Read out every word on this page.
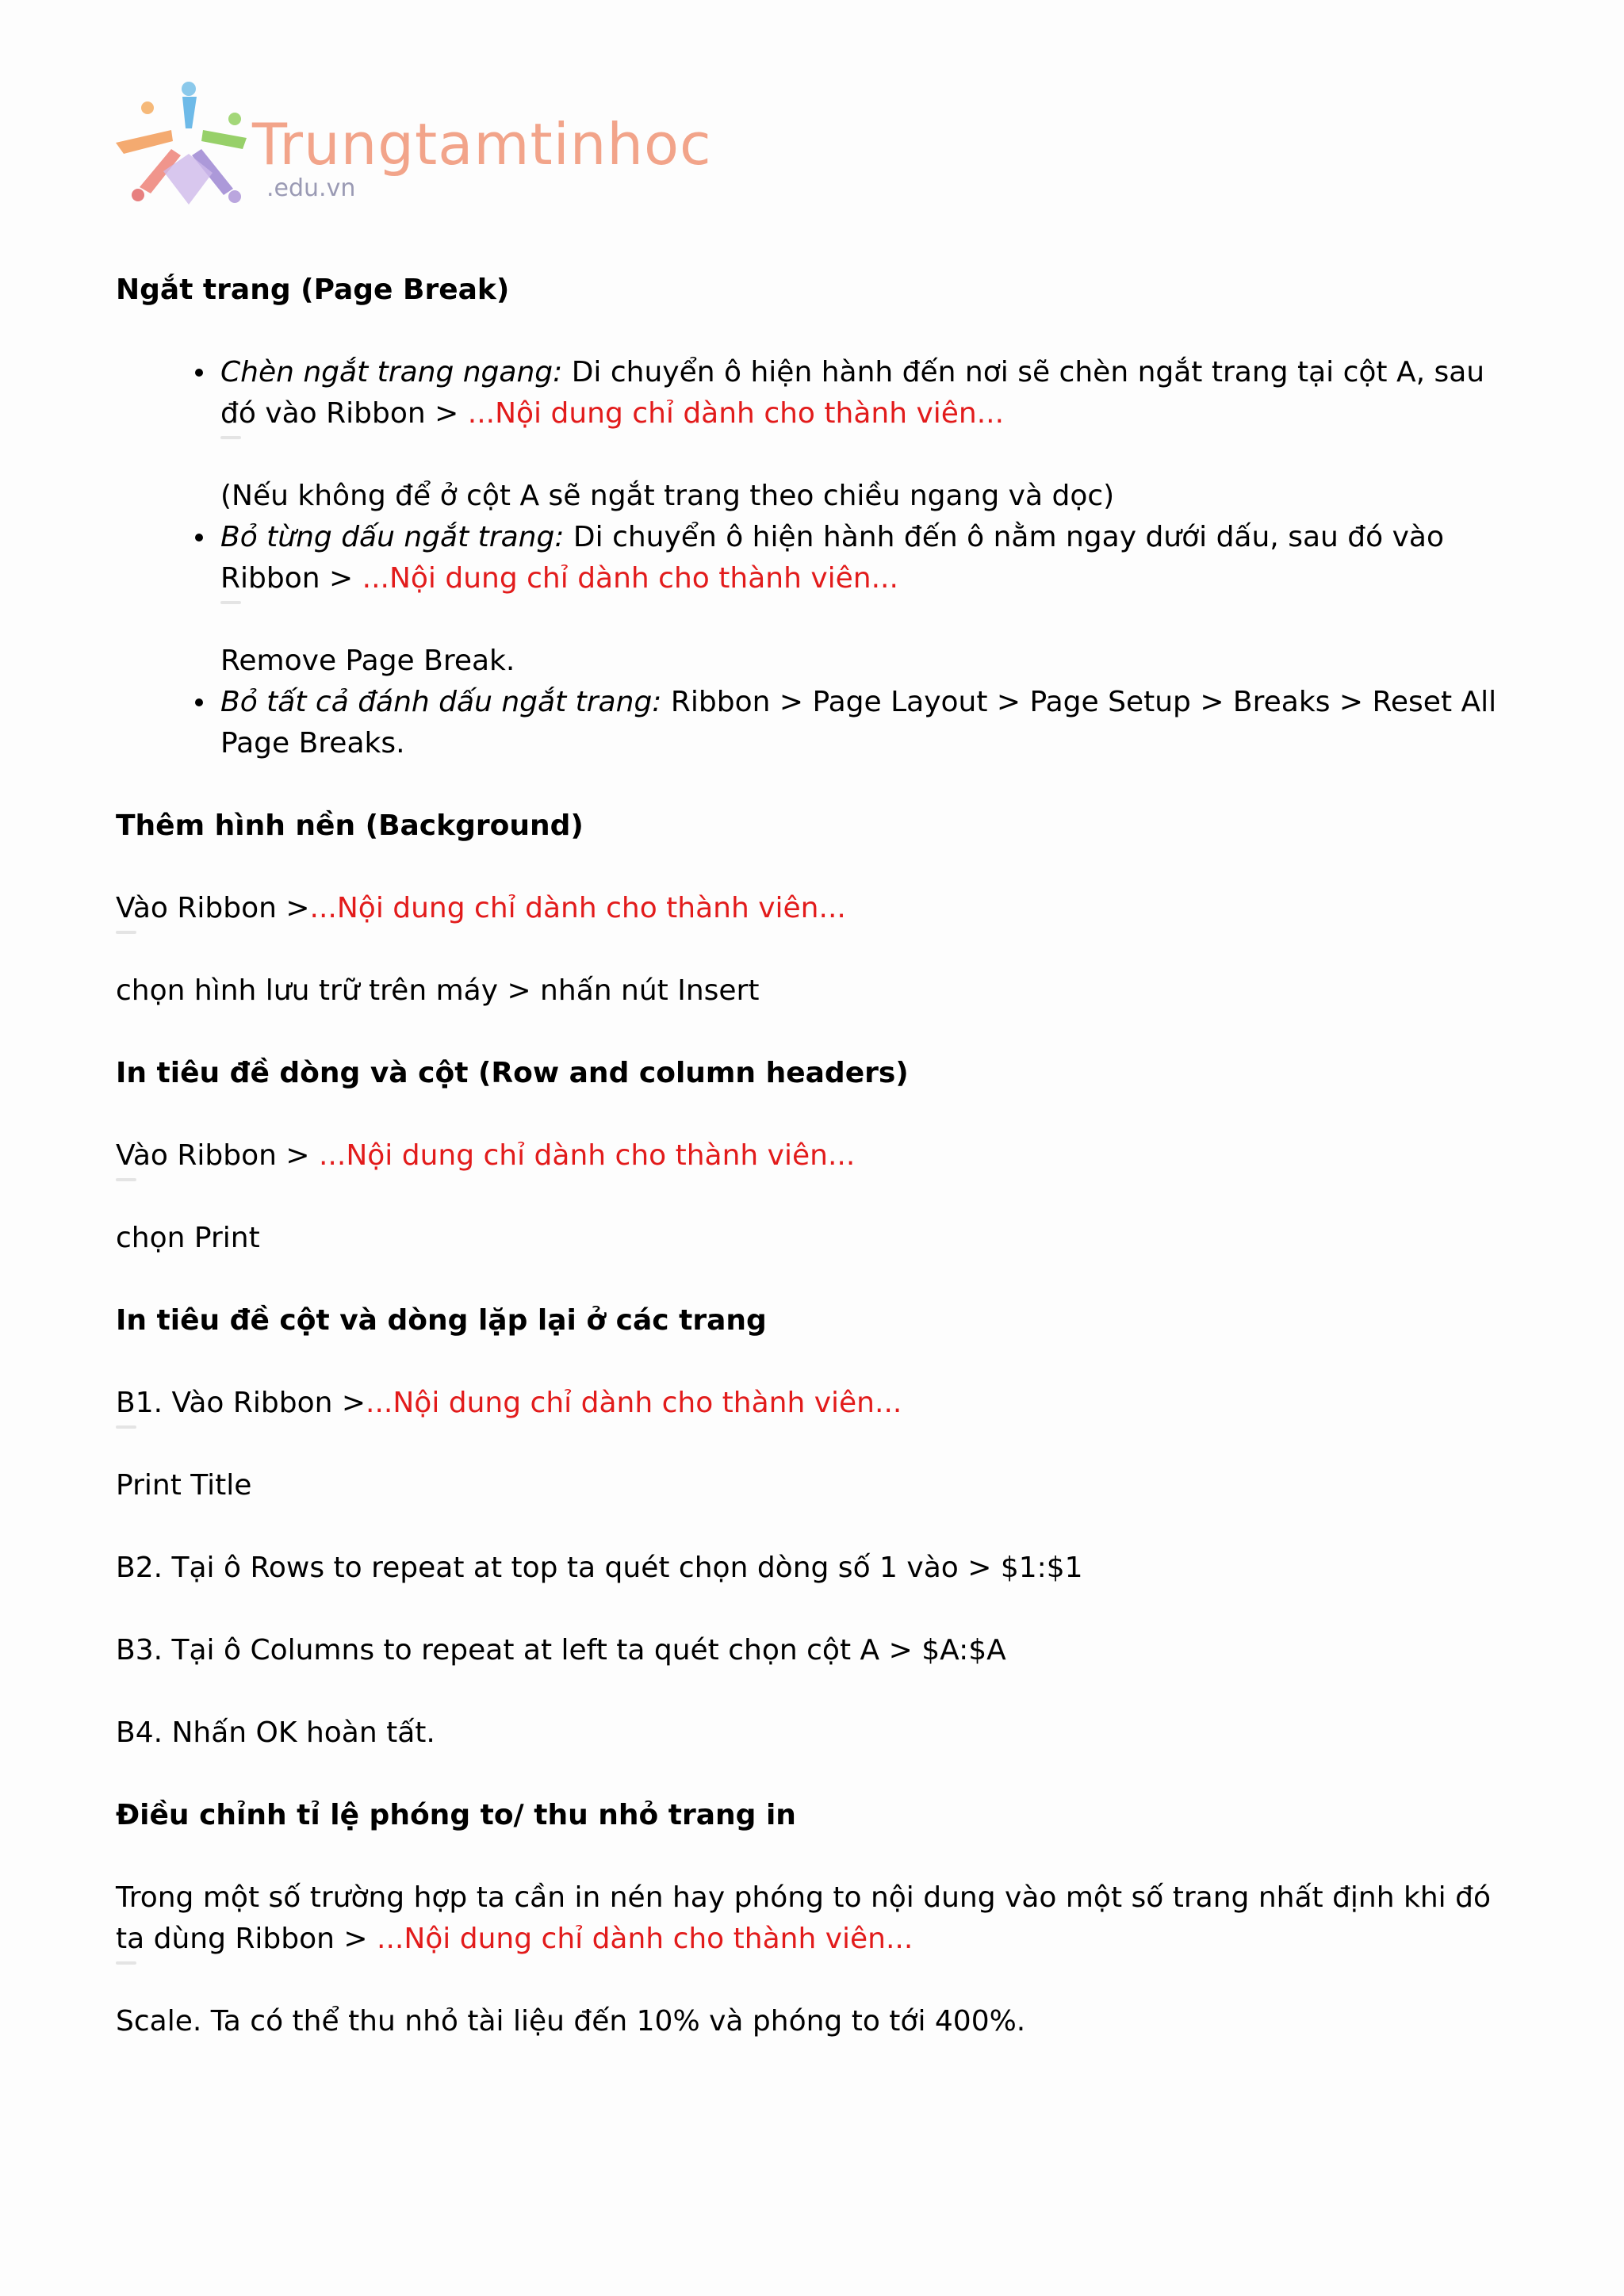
Trungtamtinhoc
.edu.vn
Ngắt trang (Page Break)
Chèn ngắt trang ngang: Di chuyển ô hiện hành đến nơi sẽ chèn ngắt trang tại cột A, sau đó vào Ribbon > ...Nội dung chỉ dành cho thành viên...
(Nếu không để ở cột A sẽ ngắt trang theo chiều ngang và dọc)
Bỏ từng dấu ngắt trang: Di chuyển ô hiện hành đến ô nằm ngay dưới dấu, sau đó vào Ribbon > ...Nội dung chỉ dành cho thành viên...
Remove Page Break.
Bỏ tất cả đánh dấu ngắt trang: Ribbon > Page Layout > Page Setup > Breaks > Reset All Page Breaks.
Thêm hình nền (Background)

Vào Ribbon >...Nội dung chỉ dành cho thành viên...

chọn hình lưu trữ trên máy > nhấn nút Insert

In tiêu đề dòng và cột (Row and column headers)

Vào Ribbon > ...Nội dung chỉ dành cho thành viên...

chọn Print

In tiêu đề cột và dòng lặp lại ở các trang

B1. Vào Ribbon >...Nội dung chỉ dành cho thành viên...

Print Title

B2. Tại ô Rows to repeat at top ta quét chọn dòng số 1 vào > $1:$1

B3. Tại ô Columns to repeat at left ta quét chọn cột A > $A:$A

B4. Nhấn OK hoàn tất.

Điều chỉnh tỉ lệ phóng to/ thu nhỏ trang in

Trong một số trường hợp ta cần in nén hay phóng to nội dung vào một số trang nhất định khi đó ta dùng Ribbon > ...Nội dung chỉ dành cho thành viên...

Scale. Ta có thể thu nhỏ tài liệu đến 10% và phóng to tới 400%.
